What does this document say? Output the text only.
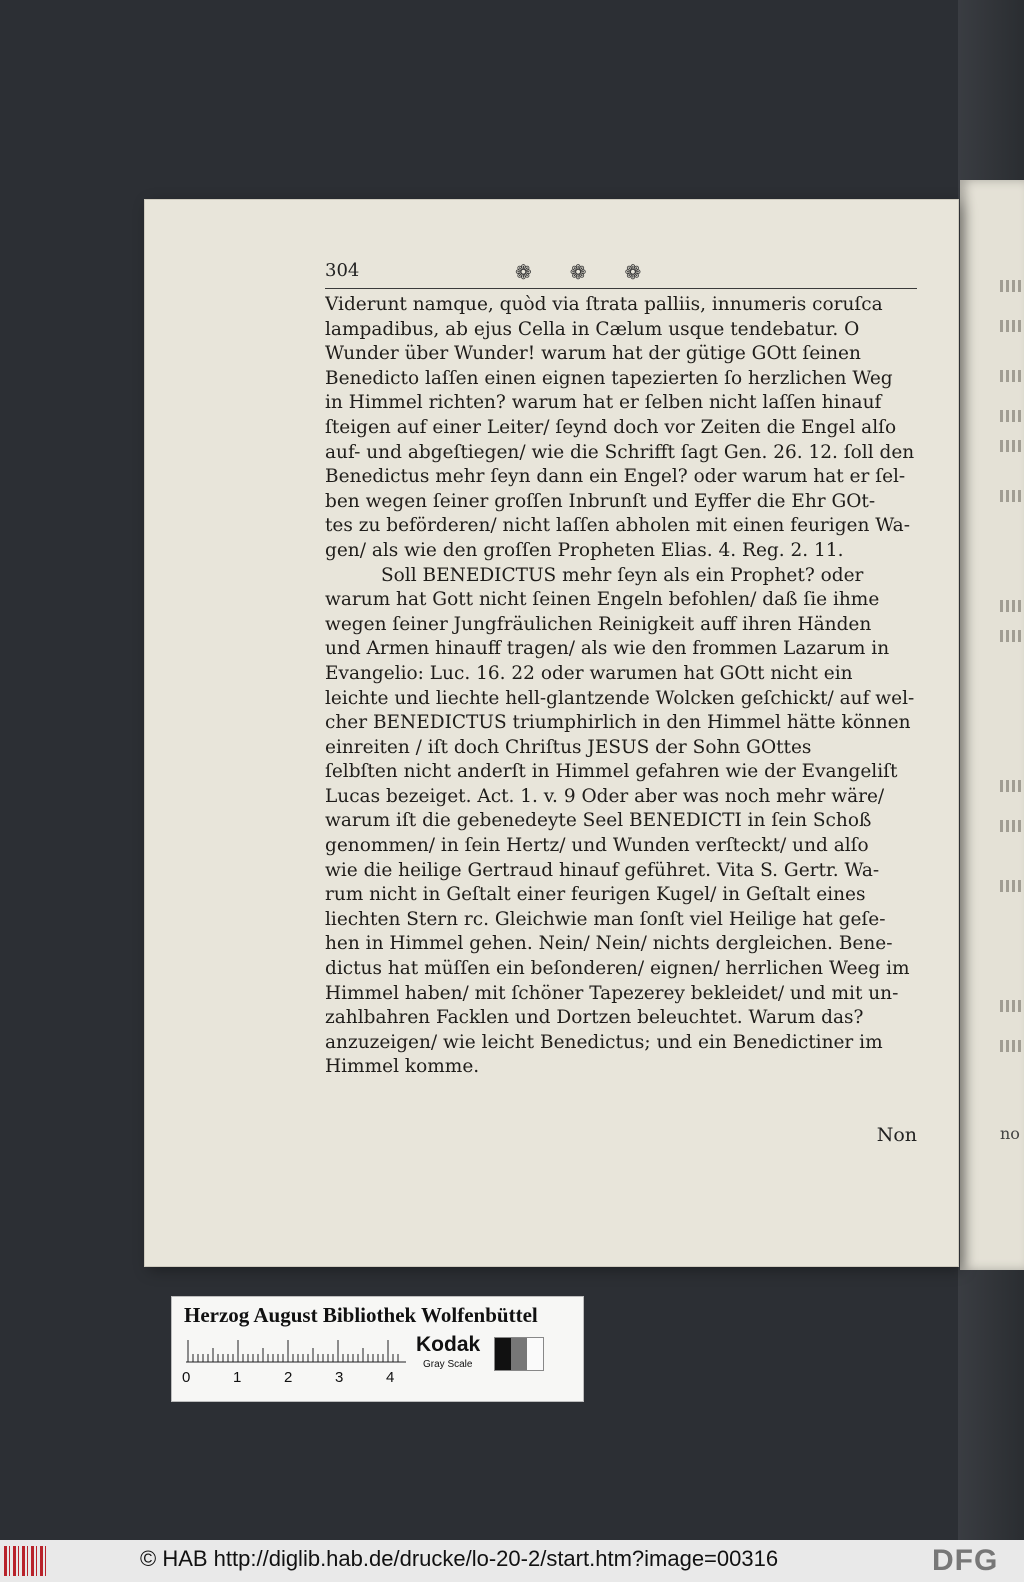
no
304	❁❁❁
Viderunt namque, quòd via ſtrata palliis, innumeris coruſca
lampadibus, ab ejus Cella in Cælum usque tendebatur. O
Wunder über Wunder! warum hat der gütige GOtt ſeinen
Benedicto laſſen einen eignen tapezierten ſo herzlichen Weg
in Himmel richten? warum hat er ſelben nicht laſſen hinauf
ſteigen auf einer Leiter/ ſeynd doch vor Zeiten die Engel alſo
auf- und abgeſtiegen/ wie die Schrifft ſagt Gen. 26. 12. ſoll den
Benedictus mehr ſeyn dann ein Engel? oder warum hat er ſel-
ben wegen ſeiner groſſen Inbrunſt und Eyffer die Ehr GOt-
tes zu beförderen/ nicht laſſen abholen mit einen feurigen Wa-
gen/ als wie den groſſen Propheten Elias. 4. Reg. 2. 11.
Soll BENEDICTUS mehr ſeyn als ein Prophet? oder
warum hat Gott nicht ſeinen Engeln befohlen/ daß ſie ihme
wegen ſeiner Jungfräulichen Reinigkeit auff ihren Händen
und Armen hinauff tragen/ als wie den frommen Lazarum in
Evangelio: Luc. 16. 22 oder warumen hat GOtt nicht ein
leichte und liechte hell-glantzende Wolcken geſchickt/ auf wel-
cher BENEDICTUS triumphirlich in den Himmel hätte können
einreiten / iſt doch Chriſtus JESUS der Sohn GOttes
ſelbſten nicht anderſt in Himmel gefahren wie der Evangeliſt
Lucas bezeiget. Act. 1. v. 9 Oder aber was noch mehr wäre/
warum iſt die gebenedeyte Seel BENEDICTI in ſein Schoß
genommen/ in ſein Hertz/ und Wunden verſteckt/ und alſo
wie die heilige Gertraud hinauf geführet. Vita S. Gertr. Wa-
rum nicht in Geſtalt einer feurigen Kugel/ in Geſtalt eines
liechten Stern rc. Gleichwie man ſonſt viel Heilige hat geſe-
hen in Himmel gehen. Nein/ Nein/ nichts dergleichen. Bene-
dictus hat müſſen ein beſonderen/ eignen/ herrlichen Weeg im
Himmel haben/ mit ſchöner Tapezerey bekleidet/ und mit un-
zahlbahren Facklen und Dortzen beleuchtet. Warum das?
anzuzeigen/ wie leicht Benedictus; und ein Benedictiner im
Himmel komme.
Non
Herzog August Bibliothek Wolfenbüttel
0	1	2	3	4
Kodak
Gray Scale
© HAB http://diglib.hab.de/drucke/lo-20-2/start.htm?image=00316	DFG
